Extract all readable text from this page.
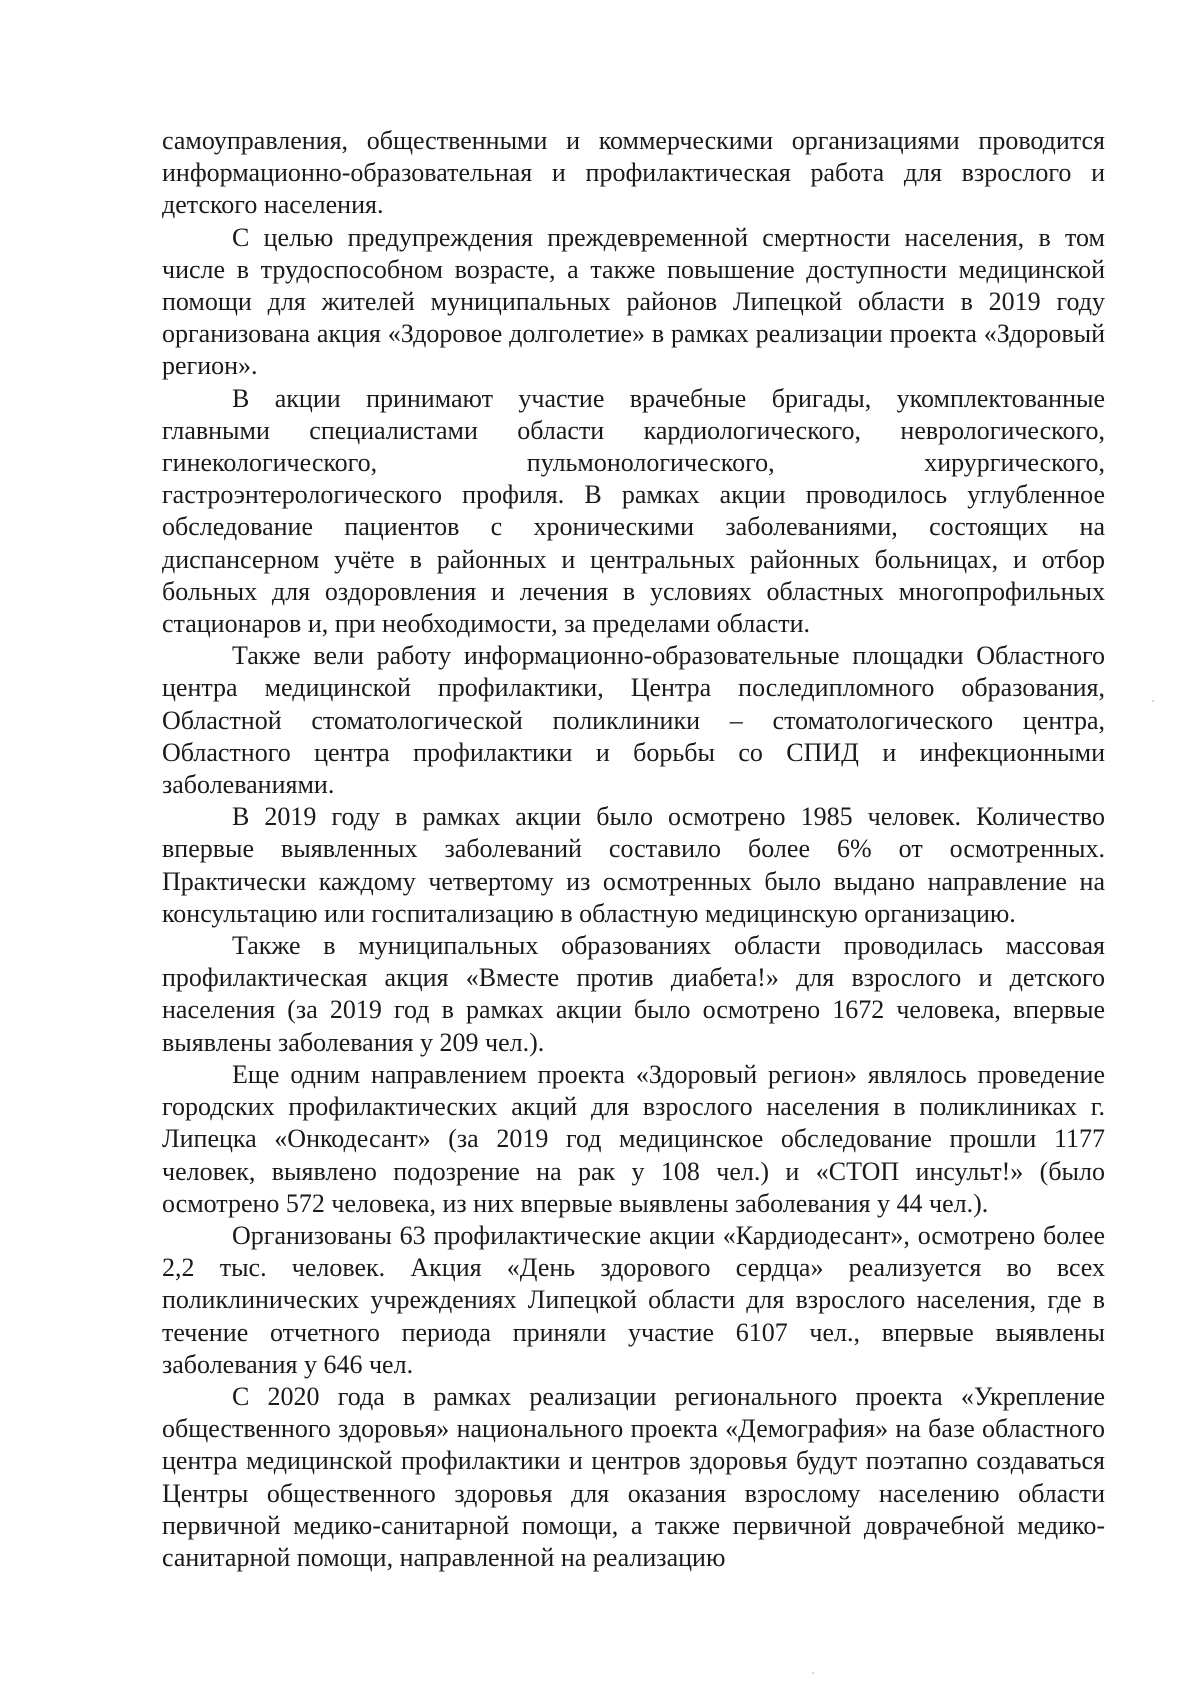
самоуправления, общественными и коммерческими организациями проводится информационно-образовательная и профилактическая работа для взрослого и детского населения.

С целью предупреждения преждевременной смертности населения, в том числе в трудоспособном возрасте, а также повышение доступности медицинской помощи для жителей муниципальных районов Липецкой области в 2019 году организована акция «Здоровое долголетие» в рамках реализации проекта «Здоровый регион».

В акции принимают участие врачебные бригады, укомплектованные главными специалистами области кардиологического, неврологического, гинекологического, пульмонологического, хирургического, гастроэнтерологического профиля. В рамках акции проводилось углубленное обследование пациентов с хроническими заболеваниями, состоящих на диспансерном учёте в районных и центральных районных больницах, и отбор больных для оздоровления и лечения в условиях областных многопрофильных стационаров и, при необходимости, за пределами области.

Также вели работу информационно-образовательные площадки Областного центра медицинской профилактики, Центра последипломного образования, Областной стоматологической поликлиники – стоматологического центра, Областного центра профилактики и борьбы со СПИД и инфекционными заболеваниями.

В 2019 году в рамках акции было осмотрено 1985 человек. Количество впервые выявленных заболеваний составило более 6% от осмотренных. Практически каждому четвертому из осмотренных было выдано направление на консультацию или госпитализацию в областную медицинскую организацию.

Также в муниципальных образованиях области проводилась массовая профилактическая акция «Вместе против диабета!» для взрослого и детского населения (за 2019 год в рамках акции было осмотрено 1672 человека, впервые выявлены заболевания у 209 чел.).

Еще одним направлением проекта «Здоровый регион» являлось проведение городских профилактических акций для взрослого населения в поликлиниках г. Липецка «Онкодесант» (за 2019 год медицинское обследование прошли 1177 человек, выявлено подозрение на рак у 108 чел.) и «СТОП инсульт!» (было осмотрено 572 человека, из них впервые выявлены заболевания у 44 чел.).

Организованы 63 профилактические акции «Кардиодесант», осмотрено более 2,2 тыс. человек. Акция «День здорового сердца» реализуется во всех поликлинических учреждениях Липецкой области для взрослого населения, где в течение отчетного периода приняли участие 6107 чел., впервые выявлены заболевания у 646 чел.

С 2020 года в рамках реализации регионального проекта «Укрепление общественного здоровья» национального проекта «Демография» на базе областного центра медицинской профилактики и центров здоровья будут поэтапно создаваться Центры общественного здоровья для оказания взрослому населению области первичной медико-санитарной помощи, а также первичной доврачебной медико-санитарной помощи, направленной на реализацию
